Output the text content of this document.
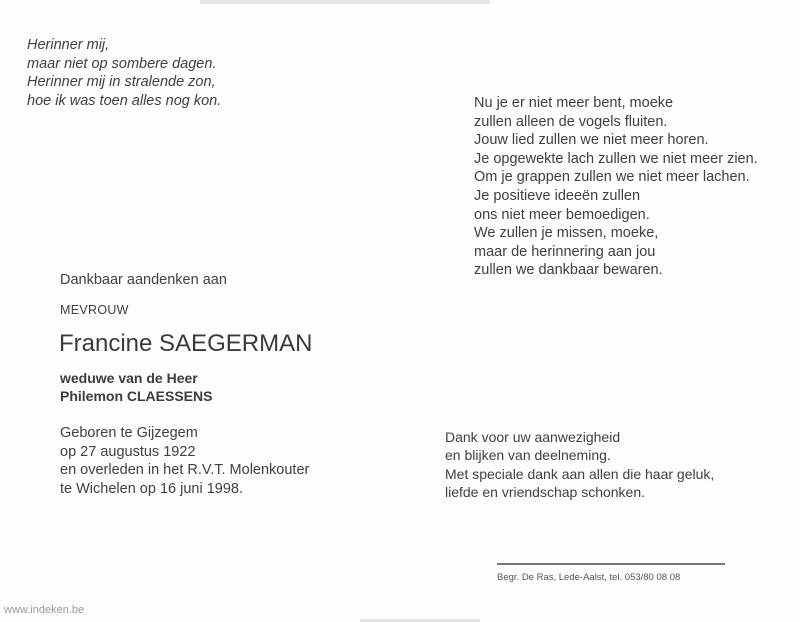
Herinner mij,
maar niet op sombere dagen.
Herinner mij in stralende zon,
hoe ik was toen alles nog kon.	Nu je er niet meer bent, moeke
zullen alleen de vogels fluiten.
Jouw lied zullen we niet meer horen.
Je opgewekte lach zullen we niet meer zien.
Om je grappen zullen we niet meer lachen.
Je positieve ideeën zullen
ons niet meer bemoedigen.
We zullen je missen, moeke,
maar de herinnering aan jou
zullen we dankbaar bewaren.
Dankbaar aandenken aan
MEVROUW
Francine SAEGERMAN
weduwe van de Heer
Philemon CLAESSENS
Geboren te Gijzegem
op 27 augustus 1922
en overleden in het R.V.T. Molenkouter
te Wichelen op 16 juni 1998.
Dank voor uw aanwezigheid
en blijken van deelneming.
Met speciale dank aan allen die haar geluk,
liefde en vriendschap schonken.
Begr. De Ras, Lede-Aalst, tel. 053/80 08 08
www.indeken.be
